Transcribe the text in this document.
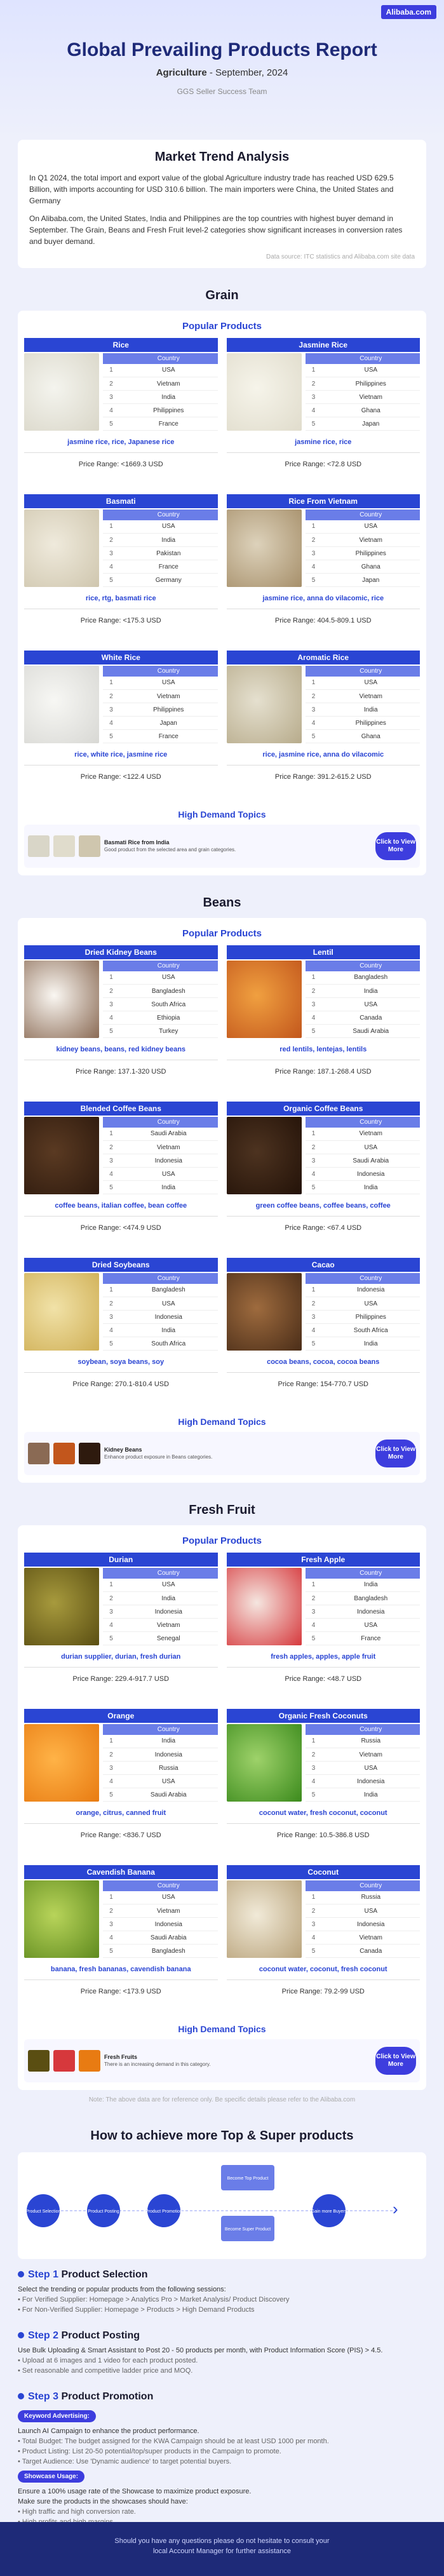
Alibaba.com
Global Prevailing Products Report
Agriculture - September, 2024
GGS Seller Success Team
Market Trend Analysis

In Q1 2024, the total import and export value of the global Agriculture industry trade has reached USD 629.5 Billion, with imports accounting for USD 310.6 billion. The main importers were China, the United States and Germany

On Alibaba.com, the United States, India and Philippines are the top countries with highest buyer demand in September. The Grain, Beans and Fresh Fruit level-2 categories show significant increases in conversion rates and buyer demand.

Data source: ITC statistics and Alibaba.com site data
Grain
Popular Products
Rice
	Country
1	USA
2	Vietnam
3	India
4	Philippines
5	France
jasmine rice, rice, Japanese rice
Price Range: <1669.3 USD
Jasmine Rice
	Country
1	USA
2	Philippines
3	Vietnam
4	Ghana
5	Japan
jasmine rice, rice
Price Range: <72.8 USD
Basmati
	Country
1	USA
2	India
3	Pakistan
4	France
5	Germany
rice, rtg, basmati rice
Price Range: <175.3 USD
Rice From Vietnam
	Country
1	USA
2	Vietnam
3	Philippines
4	Ghana
5	Japan
jasmine rice, anna do vilacomic, rice
Price Range: 404.5-809.1 USD
White Rice
	Country
1	USA
2	Vietnam
3	Philippines
4	Japan
5	France
rice, white rice, jasmine rice
Price Range: <122.4 USD
Aromatic Rice
	Country
1	USA
2	Vietnam
3	India
4	Philippines
5	Ghana
rice, jasmine rice, anna do vilacomic
Price Range: 391.2-615.2 USD
High Demand Topics
Basmati Rice from India
Good product from the selected area and grain categories.
Click to View More
Beans
Popular Products
Dried Kidney Beans
	Country
1	USA
2	Bangladesh
3	South Africa
4	Ethiopia
5	Turkey
kidney beans, beans, red kidney beans
Price Range: 137.1-320 USD
Lentil
	Country
1	Bangladesh
2	India
3	USA
4	Canada
5	Saudi Arabia
red lentils, lentejas, lentils
Price Range: 187.1-268.4 USD
Blended Coffee Beans
	Country
1	Saudi Arabia
2	Vietnam
3	Indonesia
4	USA
5	India
coffee beans, italian coffee, bean coffee
Price Range: <474.9 USD
Organic Coffee Beans
	Country
1	Vietnam
2	USA
3	Saudi Arabia
4	Indonesia
5	India
green coffee beans, coffee beans, coffee
Price Range: <67.4 USD
Dried Soybeans
	Country
1	Bangladesh
2	USA
3	Indonesia
4	India
5	South Africa
soybean, soya beans, soy
Price Range: 270.1-810.4 USD
Cacao
	Country
1	Indonesia
2	USA
3	Philippines
4	South Africa
5	India
cocoa beans, cocoa, cocoa beans
Price Range: 154-770.7 USD
High Demand Topics
Kidney Beans
Enhance product exposure in Beans categories.
Click to View More
Fresh Fruit
Popular Products
Durian
	Country
1	USA
2	India
3	Indonesia
4	Vietnam
5	Senegal
durian supplier, durian, fresh durian
Price Range: 229.4-917.7 USD
Fresh Apple
	Country
1	India
2	Bangladesh
3	Indonesia
4	USA
5	France
fresh apples, apples, apple fruit
Price Range: <48.7 USD
Orange
	Country
1	India
2	Indonesia
3	Russia
4	USA
5	Saudi Arabia
orange, citrus, canned fruit
Price Range: <836.7 USD
Organic Fresh Coconuts
	Country
1	Russia
2	Vietnam
3	USA
4	Indonesia
5	India
coconut water, fresh coconut, coconut
Price Range: 10.5-386.8 USD
Cavendish Banana
	Country
1	USA
2	Vietnam
3	Indonesia
4	Saudi Arabia
5	Bangladesh
banana, fresh bananas, cavendish banana
Price Range: <173.9 USD
Coconut
	Country
1	Russia
2	USA
3	Indonesia
4	Vietnam
5	Canada
coconut water, coconut, fresh coconut
Price Range: 79.2-99 USD
High Demand Topics
Fresh Fruits
There is an increasing demand in this category.
Click to View More
Note: The above data are for reference only. Be specific details please refer to the Alibaba.com
How to achieve more Top & Super products
›
Product Selection	Product Posting	Product Promotion
Become Top Product
Become Super Product
Gain more Buyers
Step 1 Product Selection

Select the trending or popular products from the following sessions:

• For Verified Supplier: Homepage > Analytics Pro > Market Analysis/ Product Discovery

• For Non-Verified Supplier: Homepage > Products > High Demand Products

Step 2 Product Posting

Use Bulk Uploading & Smart Assistant to Post 20 - 50 products per month, with Product Information Score (PIS) > 4.5.

• Upload at 6 images and 1 video for each product posted.

• Set reasonable and competitive ladder price and MOQ.

Step 3 Product Promotion
Keyword Advertising:

Launch AI Campaign to enhance the product performance.

• Total Budget: The budget assigned for the KWA Campaign should be at least USD 1000 per month.

• Product Listing: List 20-50 potential/top/super products in the Campaign to promote.

• Target Audience: Use 'Dynamic audience' to target potential buyers.

Showcase Usage:

Ensure a 100% usage rate of the Showcase to maximize product exposure.

Make sure the products in the showcases should have:

• High traffic and high conversion rate.

Should you have any questions please do not hesitate to consult your
local Account Manager for further assistance
